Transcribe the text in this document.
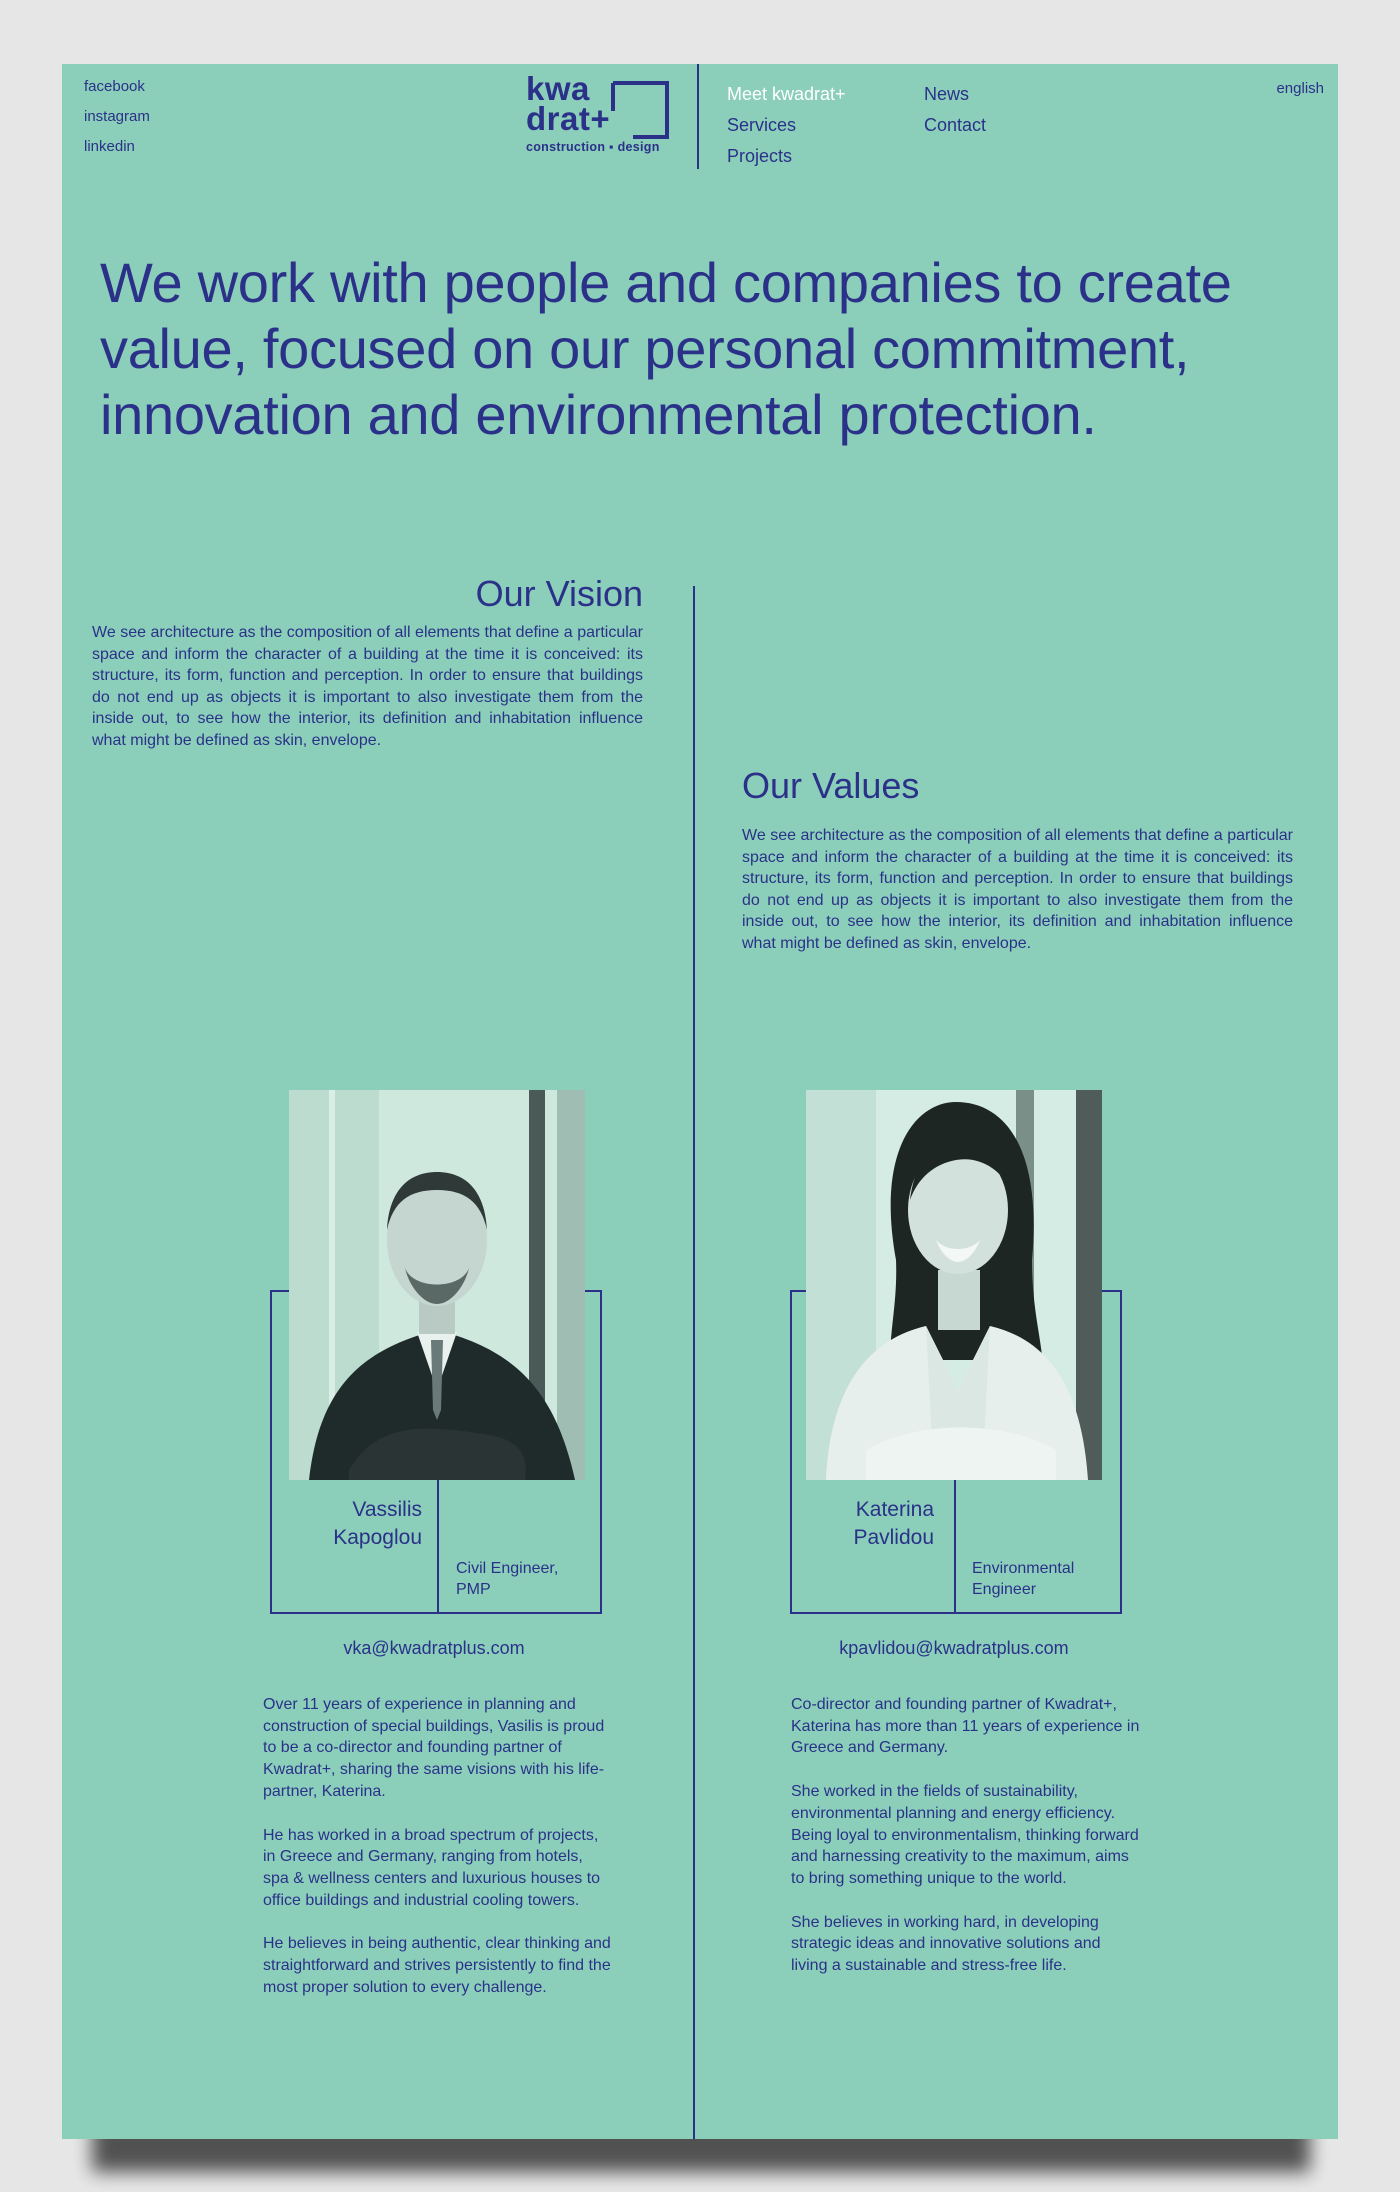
facebook
instagram
linkedin
kwa
drat+
construction ▪ design
Meet kwadrat+
Services
Projects
News
Contact
english
We work with people and companies to create
value, focused on our personal commitment,
innovation and environmental protection.
Our Vision

We see architecture as the composition of all elements that define a particular space and inform the character of a building at the time it is conceived: its structure, its form, function and perception. In order to ensure that buildings do not end up as objects it is important to also investigate them from the inside out, to see how the interior, its definition and inhabitation influence what might be defined as skin, envelope.

Our Values

We see architecture as the composition of all elements that define a particular space and inform the character of a building at the time it is conceived: its structure, its form, function and perception. In order to ensure that buildings do not end up as objects it is important to also investigate them from the inside out, to see how the interior, its definition and inhabitation influence what might be defined as skin, envelope.

Vassilis
Kapoglou
Civil Engineer,
PMP
vka@kwadratplus.com

Over 11 years of experience in planning and construction of special buildings, Vasilis is proud to be a co-director and founding partner of Kwadrat+, sharing the same visions with his life-partner, Katerina.

He has worked in a broad spectrum of projects, in Greece and Germany, ranging from hotels, spa & wellness centers and luxurious houses to office buildings and industrial cooling towers.

He believes in being authentic, clear thinking and straightforward and strives persistently to find the most proper solution to every challenge.

Katerina
Pavlidou
Environmental
Engineer
kpavlidou@kwadratplus.com

Co-director and founding partner of Kwadrat+, Katerina has more than 11 years of experience in Greece and Germany.

She worked in the fields of sustainability, environmental planning and energy efficiency. Being loyal to environmentalism, thinking forward and harnessing creativity to the maximum, aims to bring something unique to the world.

She believes in working hard, in developing strategic ideas and innovative solutions and living a sustainable and stress-free life.
